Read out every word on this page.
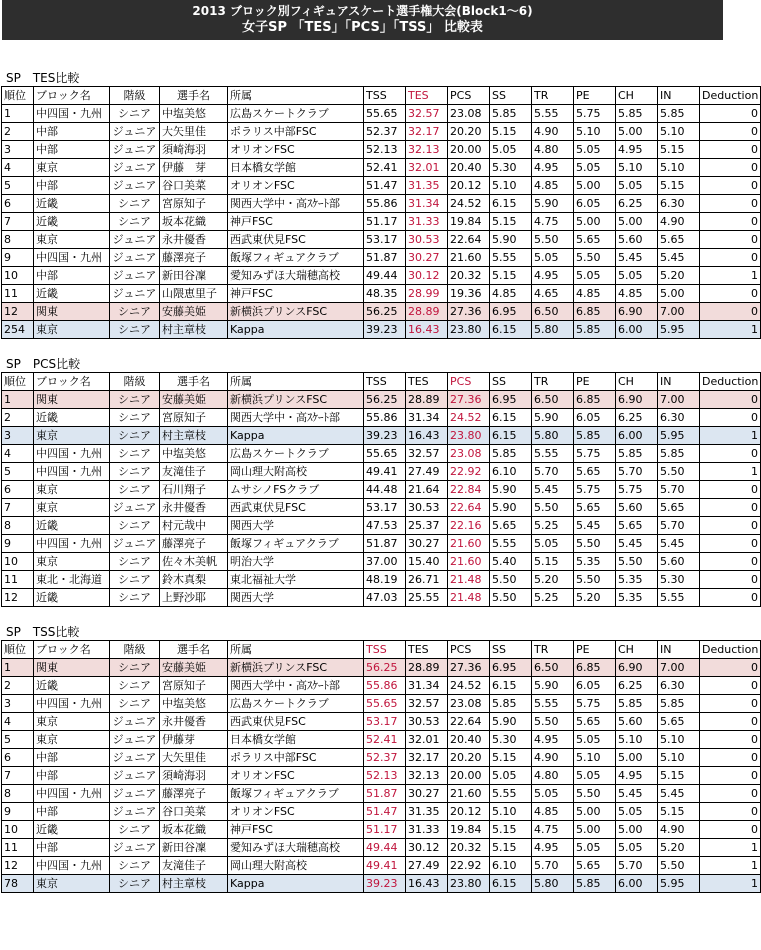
2013 ブロック別フィギュアスケート選手権大会(Block1～6)
女子SP 「TES」「PCS」「TSS」 比較表
SP　TES比較
順位	ブロック名	階級	選手名	所属	TSS	TES	PCS	SS	TR	PE	CH	IN	Deduction
1	中四国・九州	シニア	中塩美悠	広島スケートクラブ	55.65	32.57	23.08	5.85	5.55	5.75	5.85	5.85	0
2	中部	ジュニア	大矢里佳	ポラリス中部FSC	52.37	32.17	20.20	5.15	4.90	5.10	5.00	5.10	0
3	中部	ジュニア	須崎海羽	オリオンFSC	52.13	32.13	20.00	5.05	4.80	5.05	4.95	5.15	0
4	東京	ジュニア	伊藤　芽	日本橋女学館	52.41	32.01	20.40	5.30	4.95	5.05	5.10	5.10	0
5	中部	ジュニア	谷口美菜	オリオンFSC	51.47	31.35	20.12	5.10	4.85	5.00	5.05	5.15	0
6	近畿	シニア	宮原知子	関西大学中・高ｽｹｰﾄ部	55.86	31.34	24.52	6.15	5.90	6.05	6.25	6.30	0
7	近畿	シニア	坂本花織	神戸FSC	51.17	31.33	19.84	5.15	4.75	5.00	5.00	4.90	0
8	東京	ジュニア	永井優香	西武東伏見FSC	53.17	30.53	22.64	5.90	5.50	5.65	5.60	5.65	0
9	中四国・九州	ジュニア	藤澤亮子	飯塚フィギュアクラブ	51.87	30.27	21.60	5.55	5.05	5.50	5.45	5.45	0
10	中部	ジュニア	新田谷凜	愛知みずほ大瑞穂高校	49.44	30.12	20.32	5.15	4.95	5.05	5.05	5.20	1
11	近畿	ジュニア	山隈恵里子	神戸FSC	48.35	28.99	19.36	4.85	4.65	4.85	4.85	5.00	0
12	関東	シニア	安藤美姫	新横浜プリンスFSC	56.25	28.89	27.36	6.95	6.50	6.85	6.90	7.00	0
254	東京	シニア	村主章枝	Kappa	39.23	16.43	23.80	6.15	5.80	5.85	6.00	5.95	1
SP　PCS比較
順位	ブロック名	階級	選手名	所属	TSS	TES	PCS	SS	TR	PE	CH	IN	Deduction
1	関東	シニア	安藤美姫	新横浜プリンスFSC	56.25	28.89	27.36	6.95	6.50	6.85	6.90	7.00	0
2	近畿	シニア	宮原知子	関西大学中・高ｽｹｰﾄ部	55.86	31.34	24.52	6.15	5.90	6.05	6.25	6.30	0
3	東京	シニア	村主章枝	Kappa	39.23	16.43	23.80	6.15	5.80	5.85	6.00	5.95	1
4	中四国・九州	シニア	中塩美悠	広島スケートクラブ	55.65	32.57	23.08	5.85	5.55	5.75	5.85	5.85	0
5	中四国・九州	シニア	友滝佳子	岡山理大附高校	49.41	27.49	22.92	6.10	5.70	5.65	5.70	5.50	1
6	東京	シニア	石川翔子	ムサシノFSクラブ	44.48	21.64	22.84	5.90	5.45	5.75	5.75	5.70	0
7	東京	ジュニア	永井優香	西武東伏見FSC	53.17	30.53	22.64	5.90	5.50	5.65	5.60	5.65	0
8	近畿	シニア	村元哉中	関西大学	47.53	25.37	22.16	5.65	5.25	5.45	5.65	5.70	0
9	中四国・九州	ジュニア	藤澤亮子	飯塚フィギュアクラブ	51.87	30.27	21.60	5.55	5.05	5.50	5.45	5.45	0
10	東京	シニア	佐々木美帆	明治大学	37.00	15.40	21.60	5.40	5.15	5.35	5.50	5.60	0
11	東北・北海道	シニア	鈴木真梨	東北福祉大学	48.19	26.71	21.48	5.50	5.20	5.50	5.35	5.30	0
12	近畿	シニア	上野沙耶	関西大学	47.03	25.55	21.48	5.50	5.25	5.20	5.35	5.55	0
SP　TSS比較
順位	ブロック名	階級	選手名	所属	TSS	TES	PCS	SS	TR	PE	CH	IN	Deduction
1	関東	シニア	安藤美姫	新横浜プリンスFSC	56.25	28.89	27.36	6.95	6.50	6.85	6.90	7.00	0
2	近畿	シニア	宮原知子	関西大学中・高ｽｹｰﾄ部	55.86	31.34	24.52	6.15	5.90	6.05	6.25	6.30	0
3	中四国・九州	シニア	中塩美悠	広島スケートクラブ	55.65	32.57	23.08	5.85	5.55	5.75	5.85	5.85	0
4	東京	ジュニア	永井優香	西武東伏見FSC	53.17	30.53	22.64	5.90	5.50	5.65	5.60	5.65	0
5	東京	ジュニア	伊藤芽	日本橋女学館	52.41	32.01	20.40	5.30	4.95	5.05	5.10	5.10	0
6	中部	ジュニア	大矢里佳	ポラリス中部FSC	52.37	32.17	20.20	5.15	4.90	5.10	5.00	5.10	0
7	中部	ジュニア	須崎海羽	オリオンFSC	52.13	32.13	20.00	5.05	4.80	5.05	4.95	5.15	0
8	中四国・九州	ジュニア	藤澤亮子	飯塚フィギュアクラブ	51.87	30.27	21.60	5.55	5.05	5.50	5.45	5.45	0
9	中部	ジュニア	谷口美菜	オリオンFSC	51.47	31.35	20.12	5.10	4.85	5.00	5.05	5.15	0
10	近畿	シニア	坂本花織	神戸FSC	51.17	31.33	19.84	5.15	4.75	5.00	5.00	4.90	0
11	中部	ジュニア	新田谷凜	愛知みずほ大瑞穂高校	49.44	30.12	20.32	5.15	4.95	5.05	5.05	5.20	1
12	中四国・九州	シニア	友滝佳子	岡山理大附高校	49.41	27.49	22.92	6.10	5.70	5.65	5.70	5.50	1
78	東京	シニア	村主章枝	Kappa	39.23	16.43	23.80	6.15	5.80	5.85	6.00	5.95	1
